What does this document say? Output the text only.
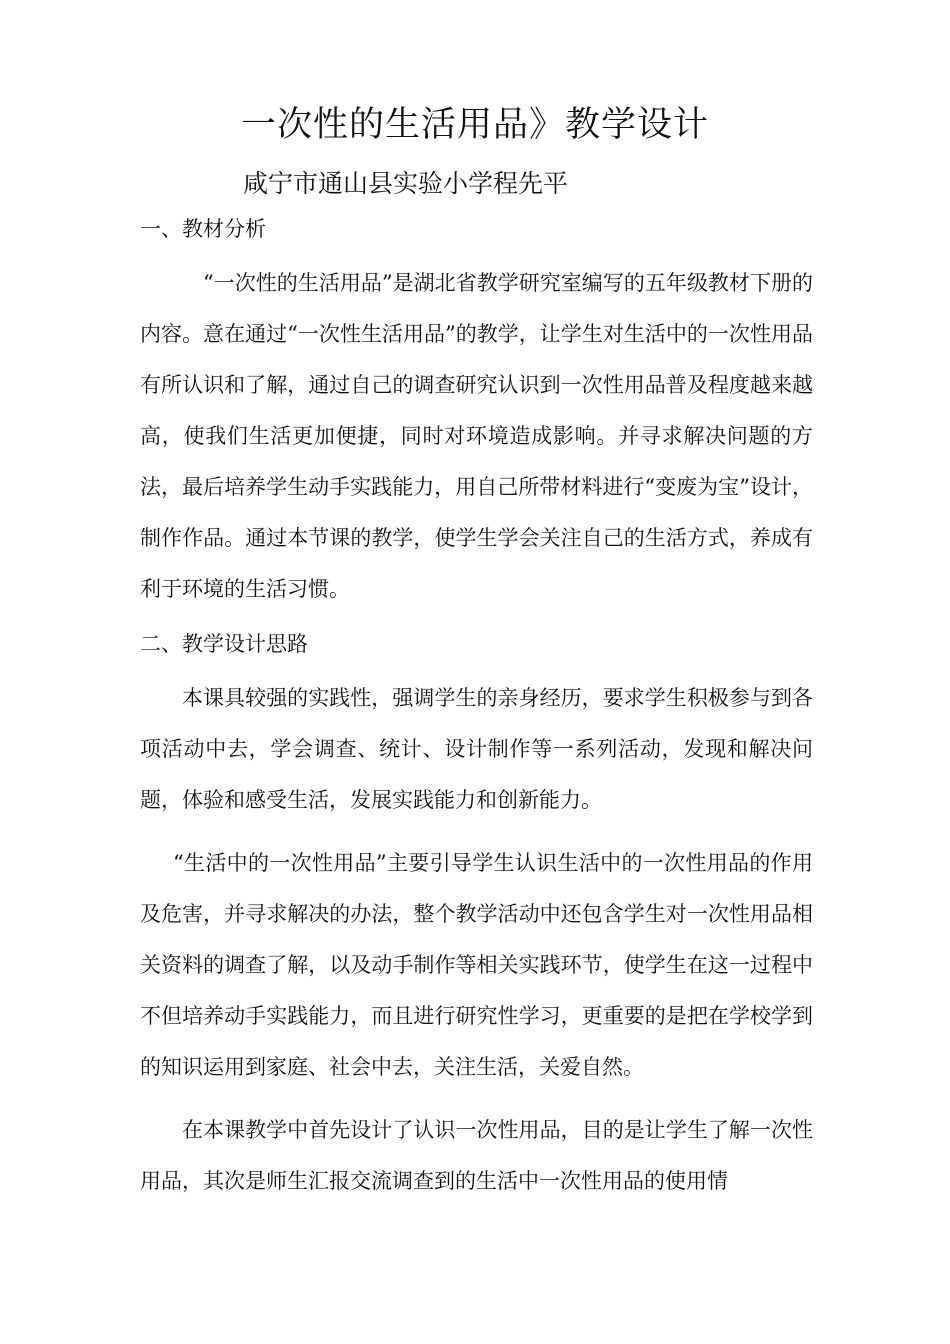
一次性的生活用品》教学设计

咸宁市通山县实验小学程先平

一、教材分析

“一次性的生活用品”是湖北省教学研究室编写的五年级教材下册的内容。意在通过“一次性生活用品”的教学，让学生对生活中的一次性用品有所认识和了解，通过自己的调查研究认识到一次性用品普及程度越来越高，使我们生活更加便捷，同时对环境造成影响。并寻求解决问题的方法，最后培养学生动手实践能力，用自己所带材料进行“变废为宝”设计，制作作品。通过本节课的教学，使学生学会关注自己的生活方式，养成有利于环境的生活习惯。

二、教学设计思路

本课具较强的实践性，强调学生的亲身经历，要求学生积极参与到各项活动中去，学会调查、统计、设计制作等一系列活动，发现和解决问题，体验和感受生活，发展实践能力和创新能力。

“生活中的一次性用品”主要引导学生认识生活中的一次性用品的作用及危害，并寻求解决的办法，整个教学活动中还包含学生对一次性用品相关资料的调查了解，以及动手制作等相关实践环节，使学生在这一过程中不但培养动手实践能力，而且进行研究性学习，更重要的是把在学校学到的知识运用到家庭、社会中去，关注生活，关爱自然。

在本课教学中首先设计了认识一次性用品，目的是让学生了解一次性用品，其次是师生汇报交流调查到的生活中一次性用品的使用情
